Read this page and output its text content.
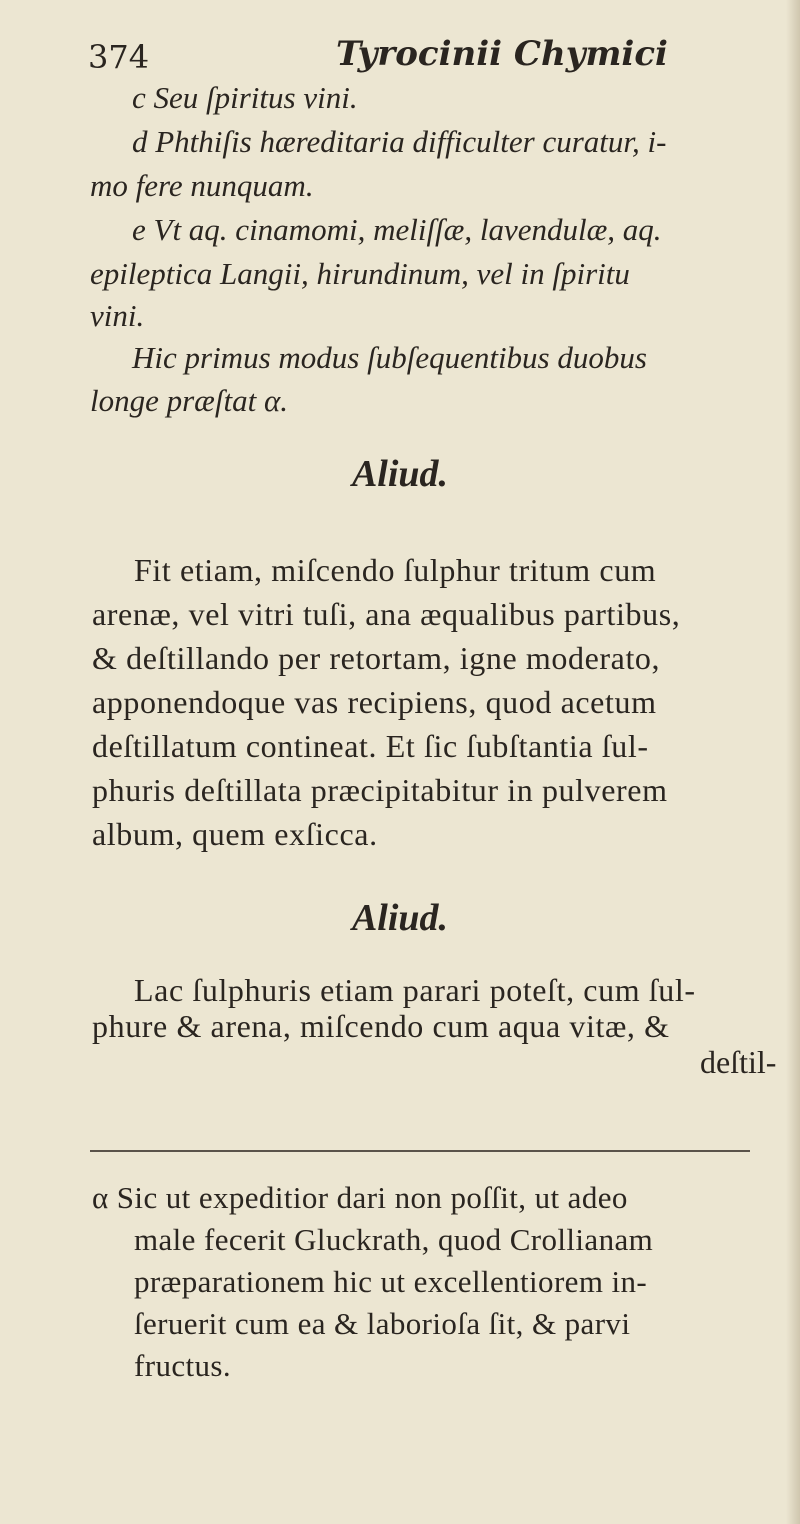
374	Tyrocinii Chymici
c Seu ſpiritus vini.
d Phthiſis hæreditaria difficulter curatur, i-
mo fere nunquam.
e Vt aq. cinamomi, meliſſæ, lavendulæ, aq.
epileptica Langii, hirundinum, vel in ſpiritu
vini.
Hic primus modus ſubſequentibus duobus
longe præſtat α.
Aliud.
Fit etiam, miſcendo ſulphur tritum cum
arenæ, vel vitri tuſi, ana æqualibus partibus,
& deſtillando per retortam, igne moderato,
apponendoque vas recipiens, quod acetum
deſtillatum contineat. Et ſic ſubſtantia ſul-
phuris deſtillata præcipitabitur in pulverem
album, quem exſicca.
Aliud.
Lac ſulphuris etiam parari poteſt, cum ſul-
phure & arena, miſcendo cum aqua vitæ, &
deſtil-
α Sic ut expeditior dari non poſſit, ut adeo
male fecerit Gluckrath, quod Crollianam
præparationem hic ut excellentiorem in-
ſeruerit cum ea & laborioſa ſit, & parvi
fructus.
